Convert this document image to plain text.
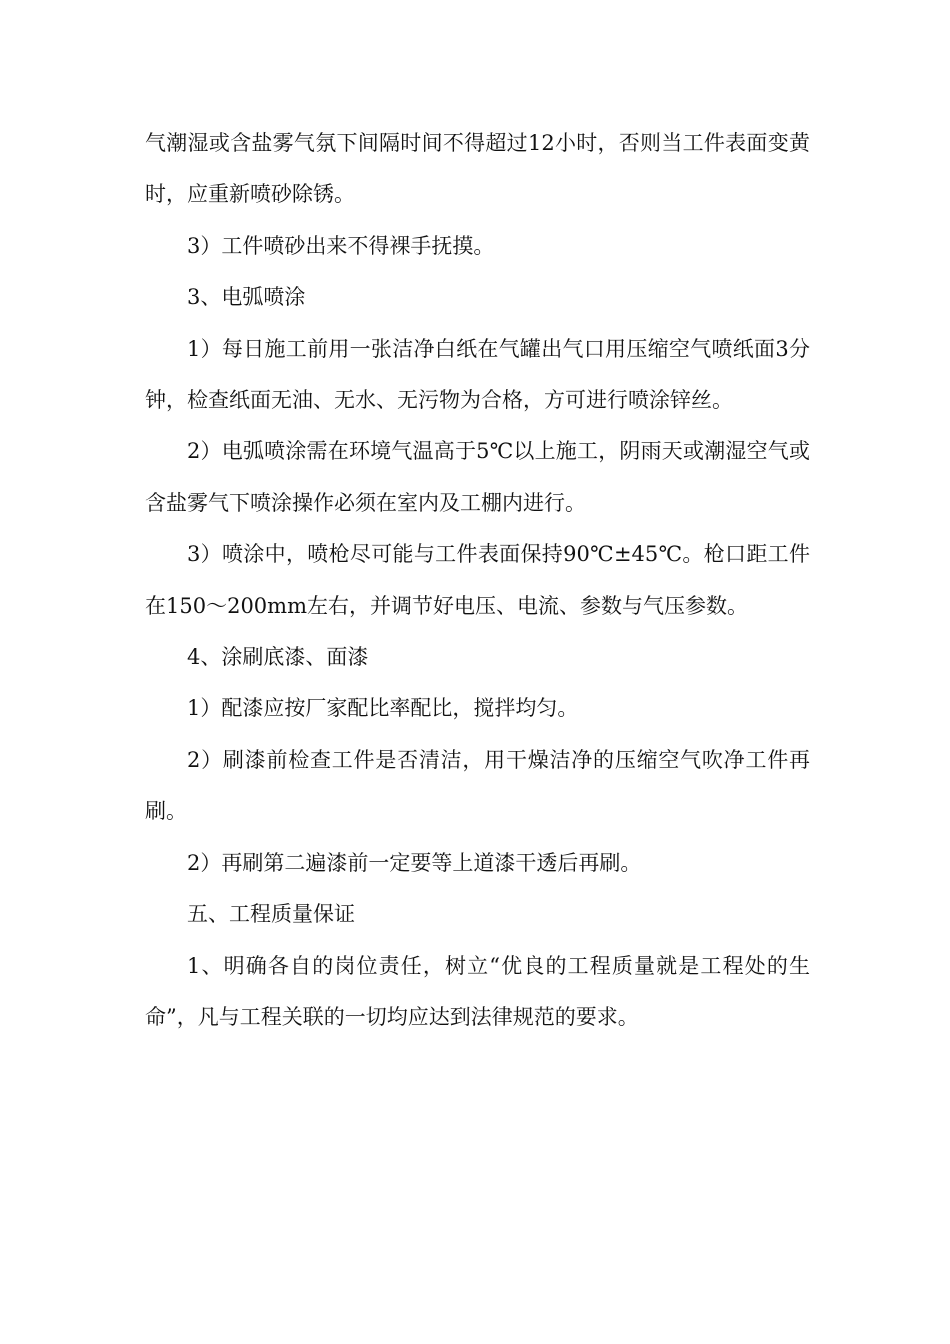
气潮湿或含盐雾气氛下间隔时间不得超过12小时，否则当工件表面变黄时，应重新喷砂除锈。

3）工件喷砂出来不得裸手抚摸。

3、电弧喷涂

1）每日施工前用一张洁净白纸在气罐出气口用压缩空气喷纸面3分钟，检查纸面无油、无水、无污物为合格，方可进行喷涂锌丝。

2）电弧喷涂需在环境气温高于5℃以上施工，阴雨天或潮湿空气或含盐雾气下喷涂操作必须在室内及工棚内进行。

3）喷涂中，喷枪尽可能与工件表面保持90℃±45℃。枪口距工件在150～200mm左右，并调节好电压、电流、参数与气压参数。

4、涂刷底漆、面漆

1）配漆应按厂家配比率配比，搅拌均匀。

2）刷漆前检查工件是否清洁，用干燥洁净的压缩空气吹净工件再刷。

2）再刷第二遍漆前一定要等上道漆干透后再刷。

五、工程质量保证

1、明确各自的岗位责任，树立“优良的工程质量就是工程处的生命”，凡与工程关联的一切均应达到法律规范的要求。
